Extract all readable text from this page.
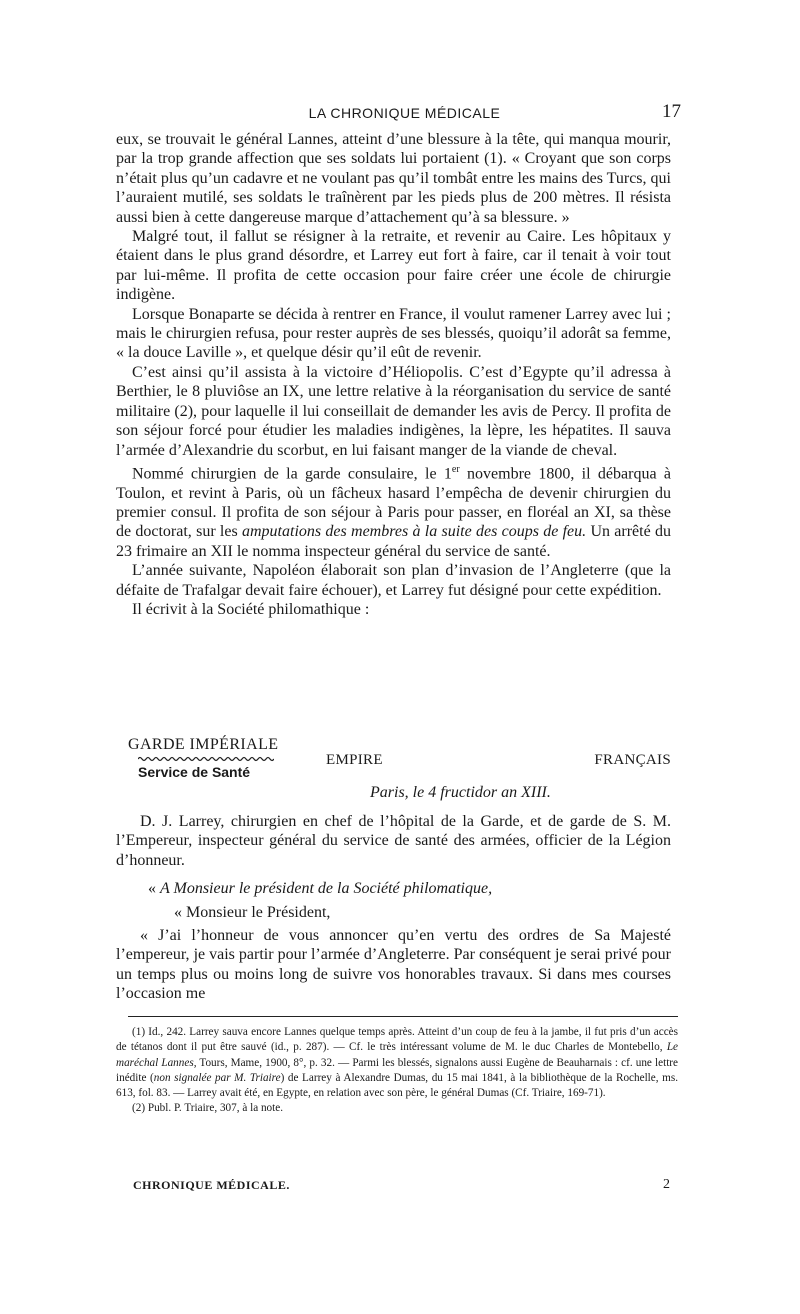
LA CHRONIQUE MÉDICALE	17

eux, se trouvait le général Lannes, atteint d’une blessure à la tête, qui manqua mourir, par la trop grande affection que ses soldats lui portaient (1). « Croyant que son corps n’était plus qu’un cadavre et ne voulant pas qu’il tombât entre les mains des Turcs, qui l’auraient mutilé, ses soldats le traînèrent par les pieds plus de 200 mètres. Il résista aussi bien à cette dangereuse marque d’attachement qu’à sa blessure. »

Malgré tout, il fallut se résigner à la retraite, et revenir au Caire. Les hôpitaux y étaient dans le plus grand désordre, et Larrey eut fort à faire, car il tenait à voir tout par lui-même. Il profita de cette occasion pour faire créer une école de chirurgie indigène.

Lorsque Bonaparte se décida à rentrer en France, il voulut ramener Larrey avec lui ; mais le chirurgien refusa, pour rester auprès de ses blessés, quoiqu’il adorât sa femme, « la douce Laville », et quelque désir qu’il eût de revenir.

C’est ainsi qu’il assista à la victoire d’Héliopolis. C’est d’Egypte qu’il adressa à Berthier, le 8 pluviôse an IX, une lettre relative à la réorganisation du service de santé militaire (2), pour laquelle il lui conseillait de demander les avis de Percy. Il profita de son séjour forcé pour étudier les maladies indigènes, la lèpre, les hépatites. Il sauva l’armée d’Alexandrie du scorbut, en lui faisant manger de la viande de cheval.

Nommé chirurgien de la garde consulaire, le 1er novembre 1800, il débarqua à Toulon, et revint à Paris, où un fâcheux hasard l’empêcha de devenir chirurgien du premier consul. Il profita de son séjour à Paris pour passer, en floréal an XI, sa thèse de doctorat, sur les amputations des membres à la suite des coups de feu. Un arrêté du 23 frimaire an XII le nomma inspecteur général du service de santé.

L’année suivante, Napoléon élaborait son plan d’invasion de l’Angleterre (que la défaite de Trafalgar devait faire échouer), et Larrey fut désigné pour cette expédition.

Il écrivit à la Société philomathique :

GARDE IMPÉRIALE
Service de Santé
EMPIRE	FRANÇAIS
Paris, le 4 fructidor an XIII.

D. J. Larrey, chirurgien en chef de l’hôpital de la Garde, et de garde de S. M. l’Empereur, inspecteur général du service de santé des armées, officier de la Légion d’honneur.

« A Monsieur le président de la Société philomatique,

« Monsieur le Président,

« J’ai l’honneur de vous annoncer qu’en vertu des ordres de Sa Majesté l’empereur, je vais partir pour l’armée d’Angleterre. Par conséquent je serai privé pour un temps plus ou moins long de suivre vos honorables travaux. Si dans mes courses l’occasion me

(1) Id., 242. Larrey sauva encore Lannes quelque temps après. Atteint d’un coup de feu à la jambe, il fut pris d’un accès de tétanos dont il put être sauvé (id., p. 287). — Cf. le très intéressant volume de M. le duc Charles de Montebello, Le maréchal Lannes, Tours, Mame, 1900, 8°, p. 32. — Parmi les blessés, signalons aussi Eugène de Beauharnais : cf. une lettre inédite (non signalée par M. Triaire) de Larrey à Alexandre Dumas, du 15 mai 1841, à la bibliothèque de la Rochelle, ms. 613, fol. 83. — Larrey avait été, en Egypte, en relation avec son père, le général Dumas (Cf. Triaire, 169-71).

(2) Publ. P. Triaire, 307, à la note.

CHRONIQUE MÉDICALE.	2
